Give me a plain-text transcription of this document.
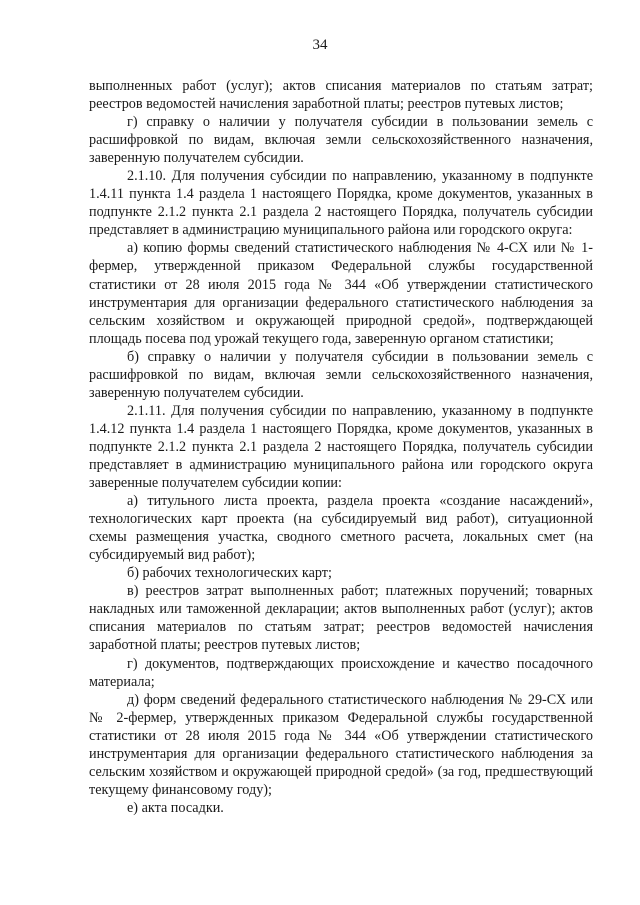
34

выполненных работ (услуг); актов списания материалов по статьям затрат; реестров ведомостей начисления заработной платы; реестров путевых листов;

г) справку о наличии у получателя субсидии в пользовании земель с расшифровкой по видам, включая земли сельскохозяйственного назначения, заверенную получателем субсидии.

2.1.10. Для получения субсидии по направлению, указанному в подпункте 1.4.11 пункта 1.4 раздела 1 настоящего Порядка, кроме документов, указанных в подпункте 2.1.2 пункта 2.1 раздела 2 настоящего Порядка, получатель субсидии представляет в администрацию муниципального района или городского округа:

а) копию формы сведений статистического наблюдения № 4-СХ или № 1-фермер, утвержденной приказом Федеральной службы государственной статистики от 28 июля 2015 года № 344 «Об утверждении статистического инструментария для организации федерального статистического наблюдения за сельским хозяйством и окружающей природной средой», подтверждающей площадь посева под урожай текущего года, заверенную органом статистики;

б) справку о наличии у получателя субсидии в пользовании земель с расшифровкой по видам, включая земли сельскохозяйственного назначения, заверенную получателем субсидии.

2.1.11. Для получения субсидии по направлению, указанному в подпункте 1.4.12 пункта 1.4 раздела 1 настоящего Порядка, кроме документов, указанных в подпункте 2.1.2 пункта 2.1 раздела 2 настоящего Порядка, получатель субсидии представляет в администрацию муниципального района или городского округа заверенные получателем субсидии копии:

а) титульного листа проекта, раздела проекта «создание насаждений», технологических карт проекта (на субсидируемый вид работ), ситуационной схемы размещения участка, сводного сметного расчета, локальных смет (на субсидируемый вид работ);

б) рабочих технологических карт;

в) реестров затрат выполненных работ; платежных поручений; товарных накладных или таможенной декларации; актов выполненных работ (услуг); актов списания материалов по статьям затрат; реестров ведомостей начисления заработной платы; реестров путевых листов;

г) документов, подтверждающих происхождение и качество посадочного материала;

д) форм сведений федерального статистического наблюдения № 29-СХ или № 2-фермер, утвержденных приказом Федеральной службы государственной статистики от 28 июля 2015 года № 344 «Об утверждении статистического инструментария для организации федерального статистического наблюдения за сельским хозяйством и окружающей природной средой» (за год, предшествующий текущему финансовому году);

е) акта посадки.
